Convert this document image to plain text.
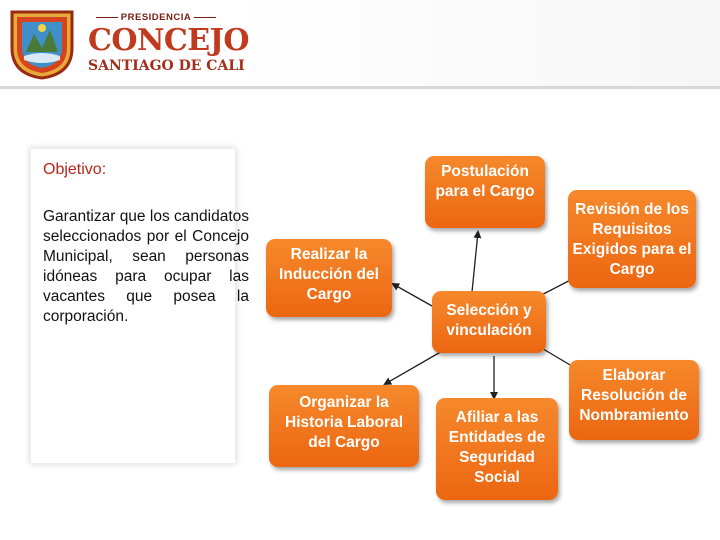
PRESIDENCIA
CONCEJO
SANTIAGO DE CALI
Objetivo:
Garantizar que los candidatos seleccionados por el Concejo Municipal, sean personas idóneas para ocupar las vacantes que posea la corporación.
Postulación para el Cargo
Revisión de los Requisitos Exigidos para el Cargo
Realizar la Inducción del Cargo
Selección y vinculación
Organizar la Historia Laboral del Cargo
Afiliar a las Entidades de Seguridad Social
Elaborar Resolución de Nombramiento
